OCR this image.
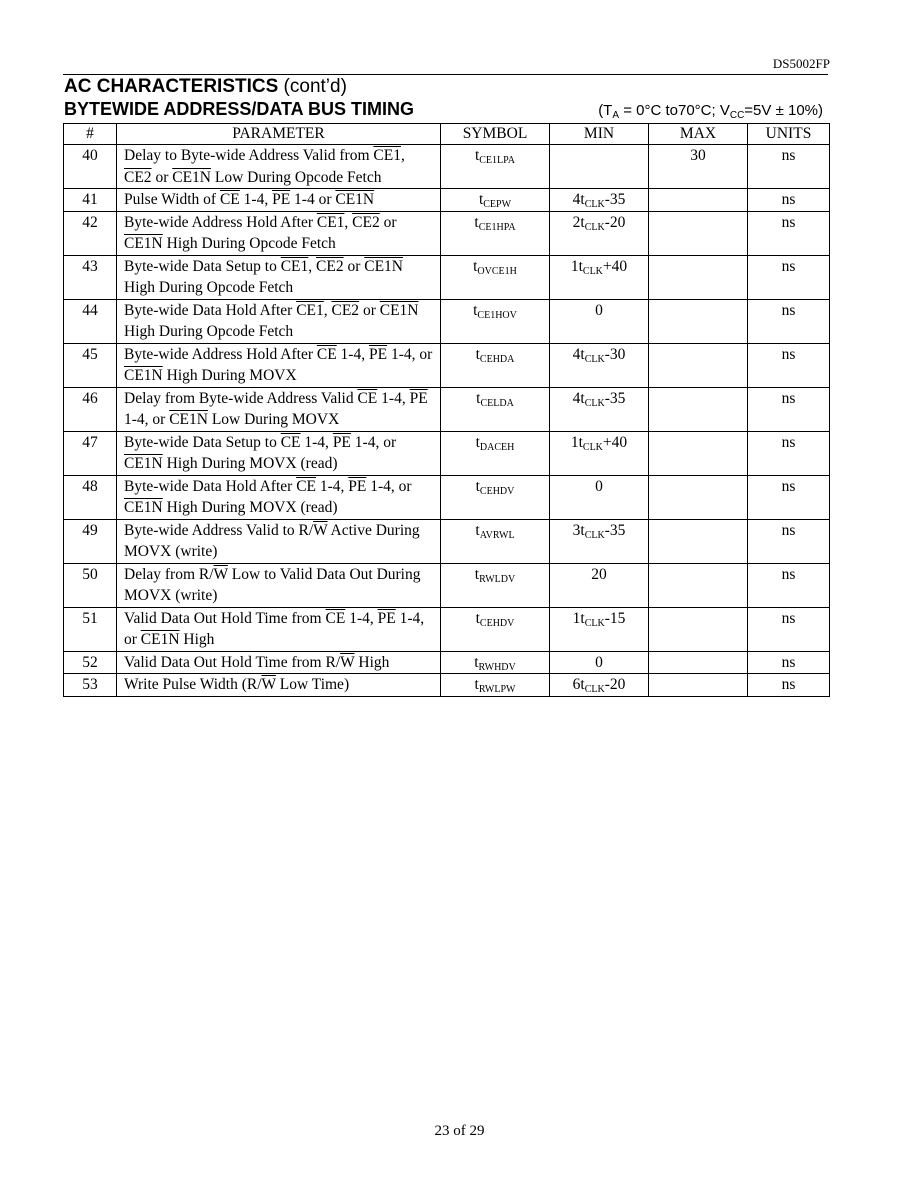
DS5002FP
AC CHARACTERISTICS (cont’d)
BYTEWIDE ADDRESS/DATA BUS TIMING	($T_A = 0^\circ C$ to70°C; $V_{CC}=5V \pm 10\%$)
#	PARAMETER	SYMBOL	MIN	MAX	UNITS
40	Delay to Byte-wide Address Valid from CE1, CE2 or CE1N Low During Opcode Fetch	$t_{CE1LPA}$		30	ns
41	Pulse Width of $\overline{CE}$ 1-4, $\overline{PE}$ 1-4 or CE1N	$t_{CEPW}$	$4t_{CLK}-35$		ns
42	Byte-wide Address Hold After CE1, CE2 or CE1N High During Opcode Fetch	$t_{CE1HPA}$	$2t_{CLK}-20$		ns
43	Byte-wide Data Setup to CE1, CE2 or CE1N High During Opcode Fetch	$t_{OVCE1H}$	$1t_{CLK}+40$		ns
44	Byte-wide Data Hold After CE1, CE2 or CE1N High During Opcode Fetch	$t_{CE1HOV}$	0		ns
45	Byte-wide Address Hold After $\overline{CE}$ 1-4, $\overline{PE}$ 1-4, or CE1N High During MOVX	$t_{CEHDA}$	$4t_{CLK}-30$		ns
46	Delay from Byte-wide Address Valid $\overline{CE}$ 1-4, $\overline{PE}$ 1-4, or CE1N Low During MOVX	$t_{CELDA}$	$4t_{CLK}-35$		ns
47	Byte-wide Data Setup to $\overline{CE}$ 1-4, $\overline{PE}$ 1-4, or CE1N High During MOVX (read)	$t_{DACEH}$	$1t_{CLK}+40$		ns
48	Byte-wide Data Hold After $\overline{CE}$ 1-4, $\overline{PE}$ 1-4, or CE1N High During MOVX (read)	$t_{CEHDV}$	0		ns
49	Byte-wide Address Valid to $R/\overline{W}$ Active During MOVX (write)	$t_{AVRWL}$	$3t_{CLK}-35$		ns
50	Delay from $R/\overline{W}$ Low to Valid Data Out During MOVX (write)	$t_{RWLDV}$	20		ns
51	Valid Data Out Hold Time from $\overline{CE}$ 1-4, $\overline{PE}$ 1-4, or CE1N High	$t_{CEHDV}$	$1t_{CLK}-15$		ns
52	Valid Data Out Hold Time from $R/\overline{W}$ High	$t_{RWHDV}$	0		ns
53	Write Pulse Width ($R/\overline{W}$ Low Time)	$t_{RWLPW}$	$6t_{CLK}-20$		ns
23 of 29
